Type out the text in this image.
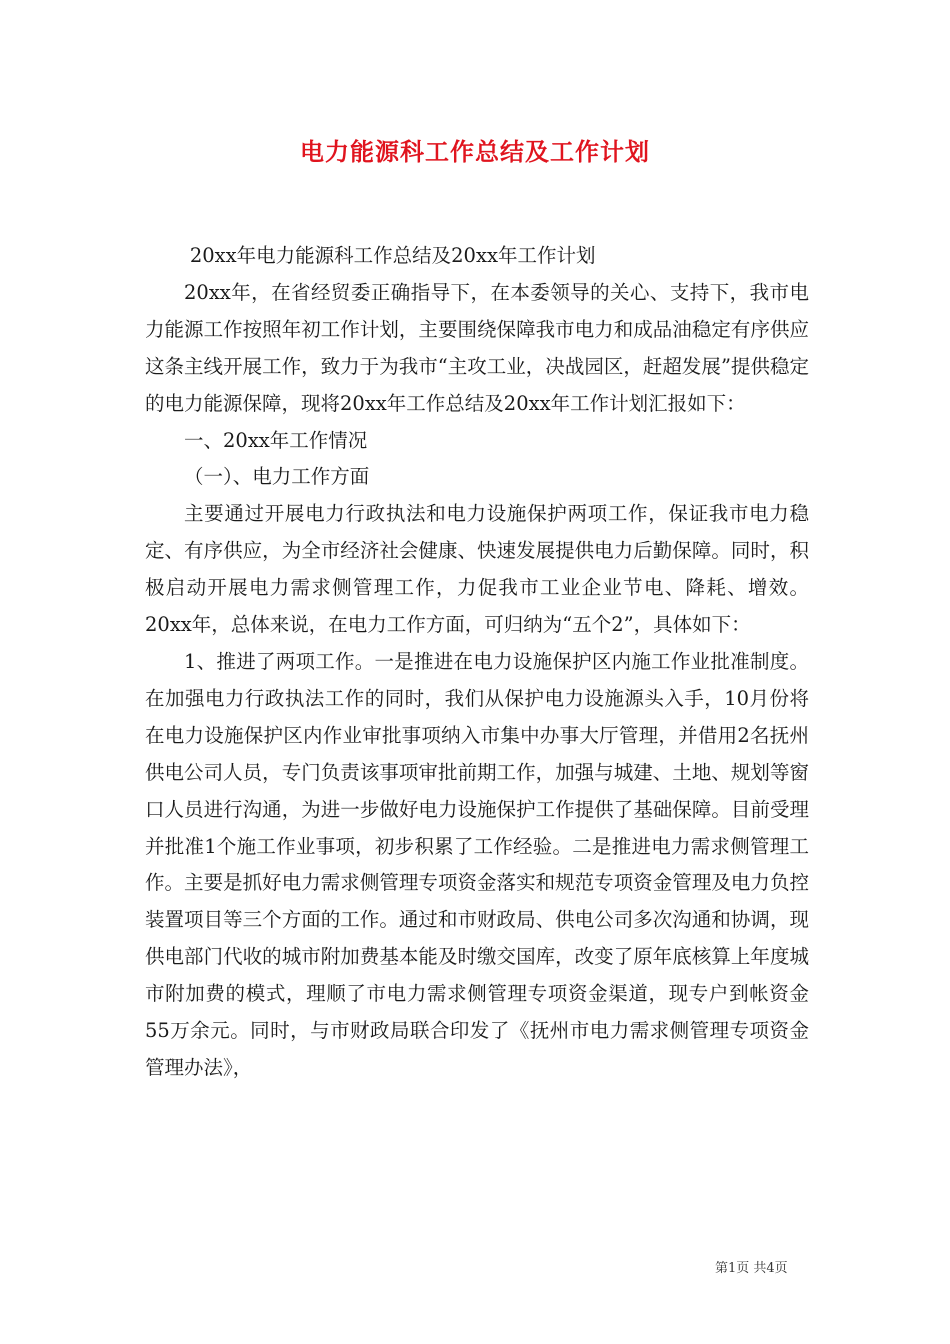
电力能源科工作总结及工作计划

20xx年电力能源科工作总结及20xx年工作计划

20xx年，在省经贸委正确指导下，在本委领导的关心、支持下，我市电力能源工作按照年初工作计划，主要围绕保障我市电力和成品油稳定有序供应这条主线开展工作，致力于为我市“主攻工业，决战园区，赶超发展”提供稳定的电力能源保障，现将20xx年工作总结及20xx年工作计划汇报如下：

一、20xx年工作情况

（一）、电力工作方面

主要通过开展电力行政执法和电力设施保护两项工作，保证我市电力稳定、有序供应，为全市经济社会健康、快速发展提供电力后勤保障。同时，积极启动开展电力需求侧管理工作，力促我市工业企业节电、降耗、增效。20xx年，总体来说，在电力工作方面，可归纳为“五个2”，具体如下：

1、推进了两项工作。一是推进在电力设施保护区内施工作业批准制度。在加强电力行政执法工作的同时，我们从保护电力设施源头入手，10月份将在电力设施保护区内作业审批事项纳入市集中办事大厅管理，并借用2名抚州供电公司人员，专门负责该事项审批前期工作，加强与城建、土地、规划等窗口人员进行沟通，为进一步做好电力设施保护工作提供了基础保障。目前受理并批准1个施工作业事项，初步积累了工作经验。二是推进电力需求侧管理工作。主要是抓好电力需求侧管理专项资金落实和规范专项资金管理及电力负控装置项目等三个方面的工作。通过和市财政局、供电公司多次沟通和协调，现供电部门代收的城市附加费基本能及时缴交国库，改变了原年底核算上年度城市附加费的模式，理顺了市电力需求侧管理专项资金渠道，现专户到帐资金55万余元。同时，与市财政局联合印发了《抚州市电力需求侧管理专项资金管理办法》，

第1页 共4页
